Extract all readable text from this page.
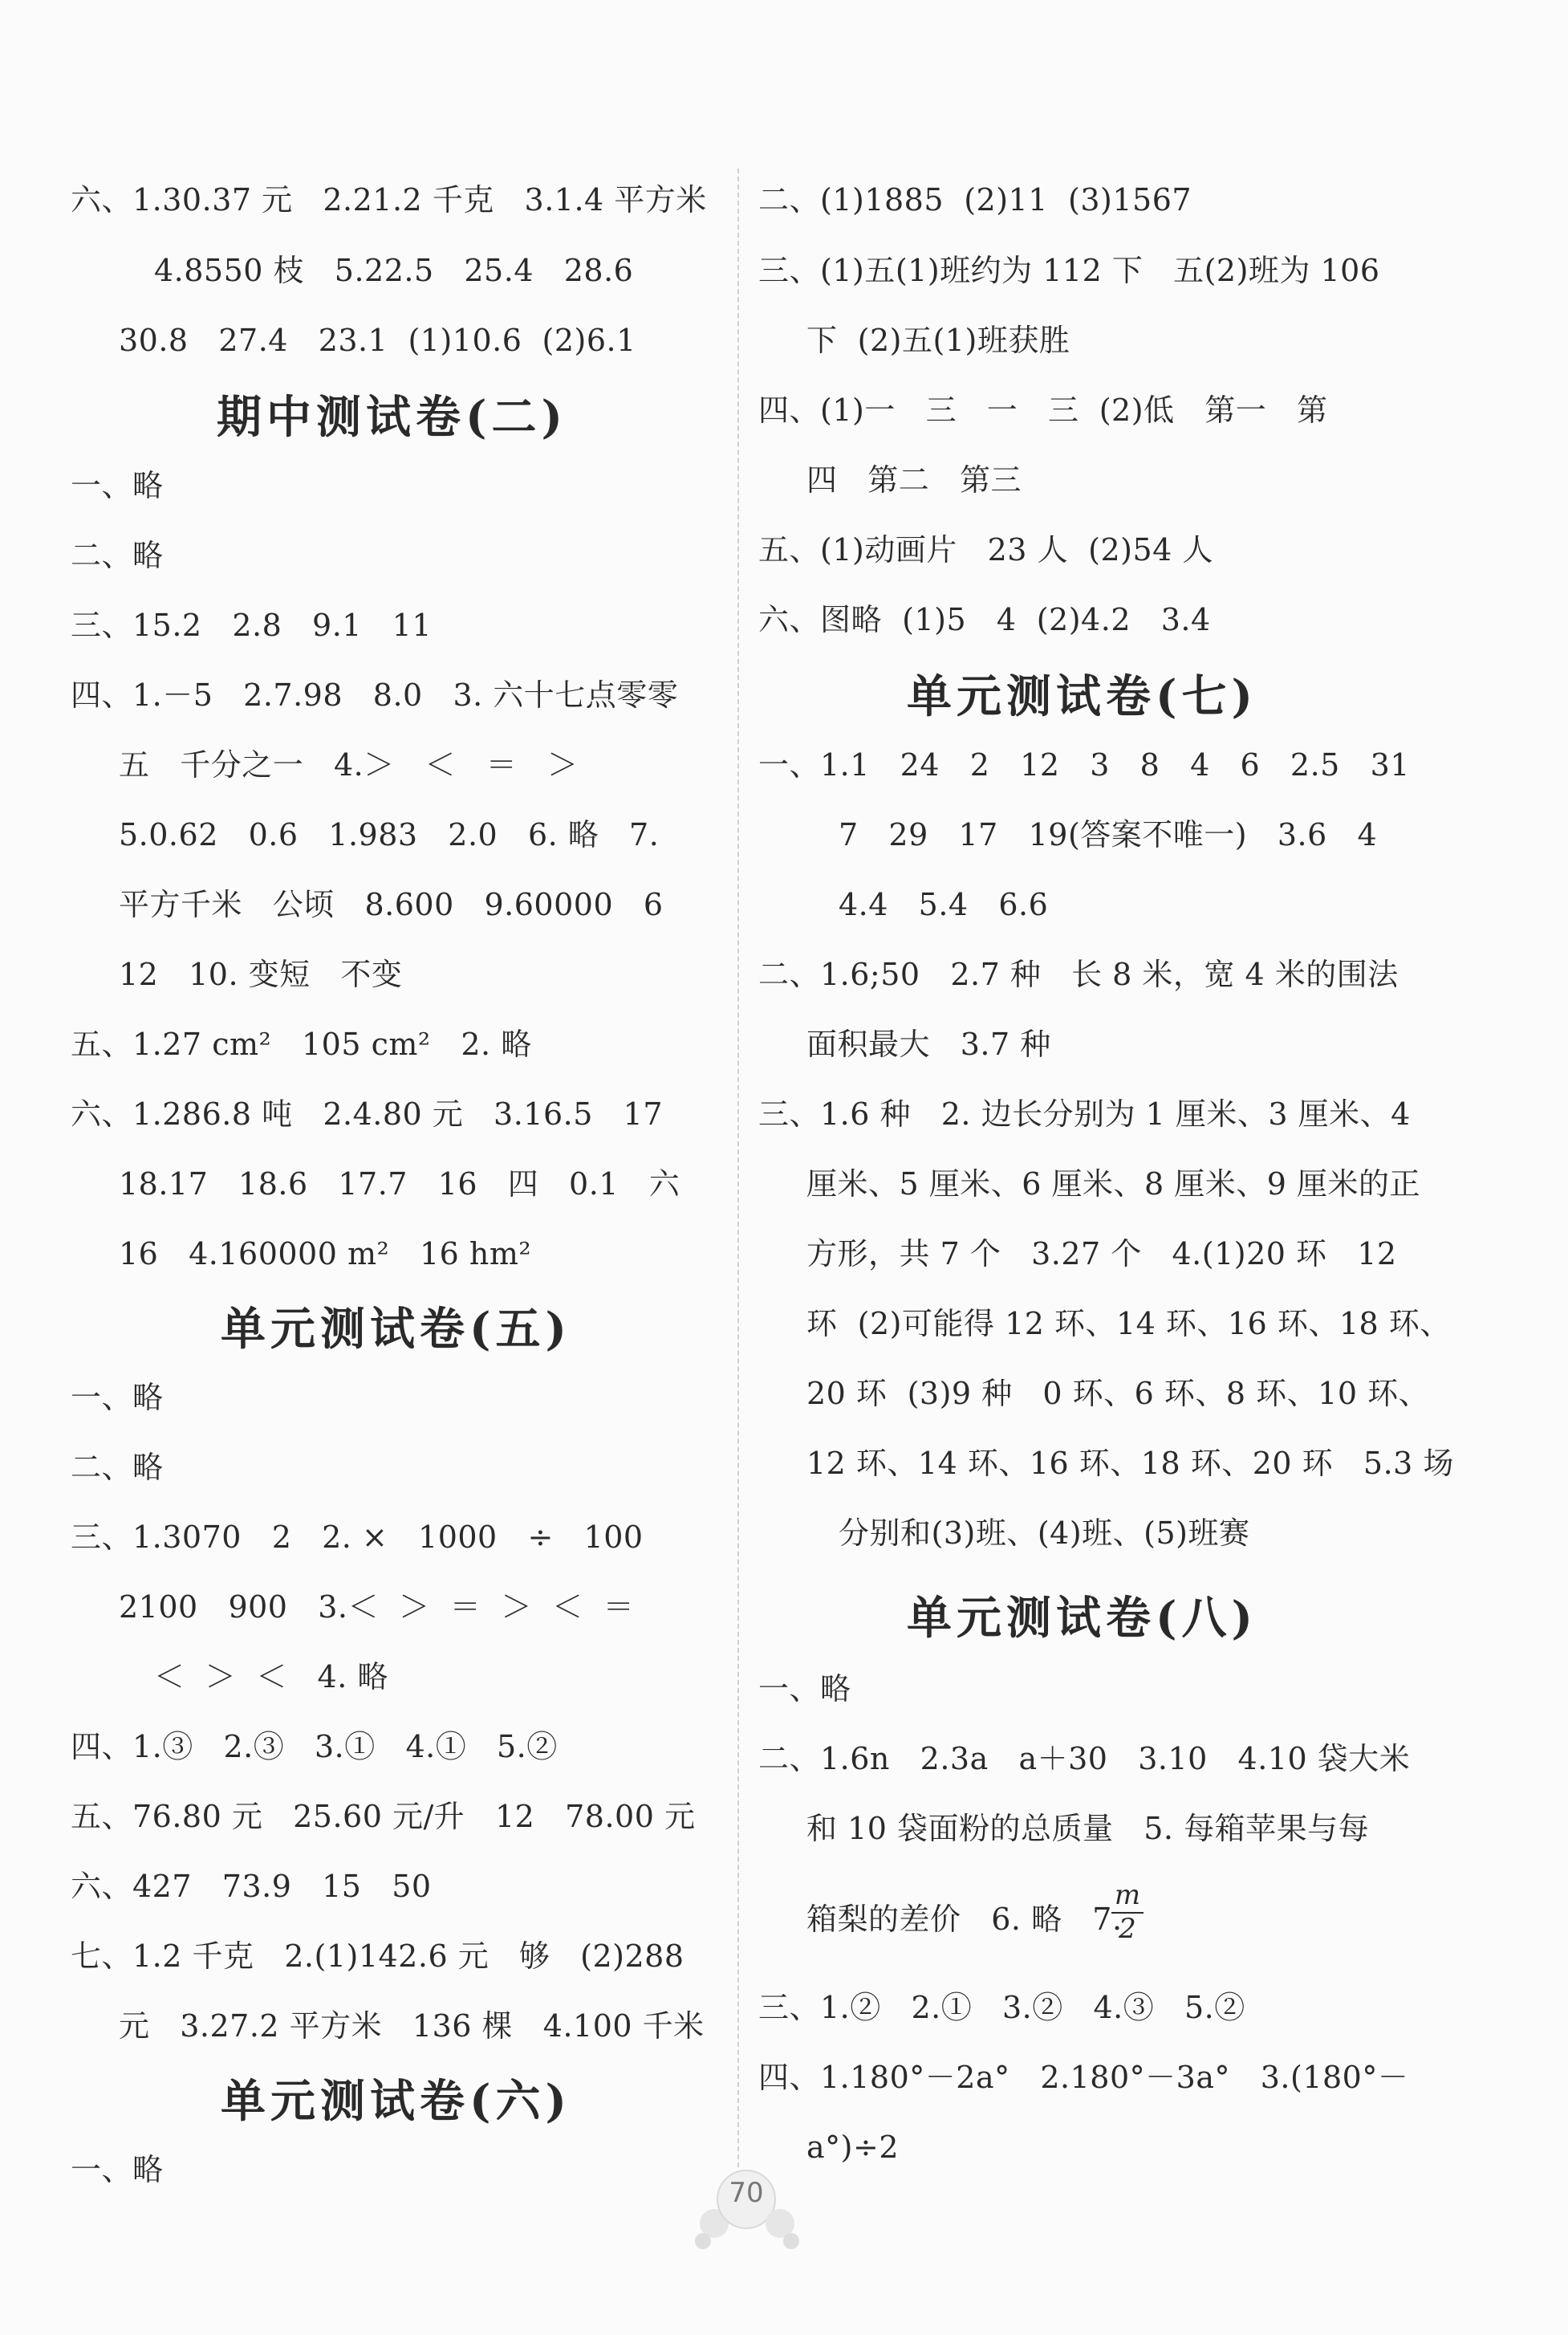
六、1.30.37 元   2.21.2 千克   3.1.4 平方米
4.8550 枝   5.22.5   25.4   28.6
30.8   27.4   23.1  (1)10.6  (2)6.1
期中测试卷(二)
一、略
二、略
三、15.2   2.8   9.1   11
四、1.－5   2.7.98   8.0   3. 六十七点零零
五   千分之一   4.＞   ＜   ＝   ＞
5.0.62   0.6   1.983   2.0   6. 略   7.
平方千米   公顷   8.600   9.60000   6
12   10. 变短   不变
五、1.27 cm²   105 cm²   2. 略
六、1.286.8 吨   2.4.80 元   3.16.5   17
18.17   18.6   17.7   16   四   0.1   六
16   4.160000 m²   16 hm²
单元测试卷(五)
一、略
二、略
三、1.3070   2   2. ×   1000   ÷   100
2100   900   3.＜  ＞  ＝  ＞  ＜  ＝
＜  ＞  ＜   4. 略
四、1.③   2.③   3.①   4.①   5.②
五、76.80 元   25.60 元/升   12   78.00 元
六、427   73.9   15   50
七、1.2 千克   2.(1)142.6 元   够   (2)288
元   3.27.2 平方米   136 棵   4.100 千米
单元测试卷(六)
一、略
二、(1)1885  (2)11  (3)1567
三、(1)五(1)班约为 112 下   五(2)班为 106
下  (2)五(1)班获胜
四、(1)一   三   一   三  (2)低   第一   第
四   第二   第三
五、(1)动画片   23 人  (2)54 人
六、图略  (1)5   4  (2)4.2   3.4
单元测试卷(七)
一、1.1   24   2   12   3   8   4   6   2.5   31
7   29   17   19(答案不唯一)   3.6   4
4.4   5.4   6.6
二、1.6;50   2.7 种   长 8 米，宽 4 米的围法
面积最大   3.7 种
三、1.6 种   2. 边长分别为 1 厘米、3 厘米、4
厘米、5 厘米、6 厘米、8 厘米、9 厘米的正
方形，共 7 个   3.27 个   4.(1)20 环   12
环  (2)可能得 12 环、14 环、16 环、18 环、
20 环  (3)9 种   0 环、6 环、8 环、10 环、
12 环、14 环、16 环、18 环、20 环   5.3 场
分别和(3)班、(4)班、(5)班赛
单元测试卷(八)
一、略
二、1.6n   2.3a   a＋30   3.10   4.10 袋大米
和 10 袋面粉的总质量   5. 每箱苹果与每
箱梨的差价   6. 略   7.
m
2
三、1.②   2.①   3.②   4.③   5.②
四、1.180°－2a°   2.180°－3a°   3.(180°－
a°)÷2
70
